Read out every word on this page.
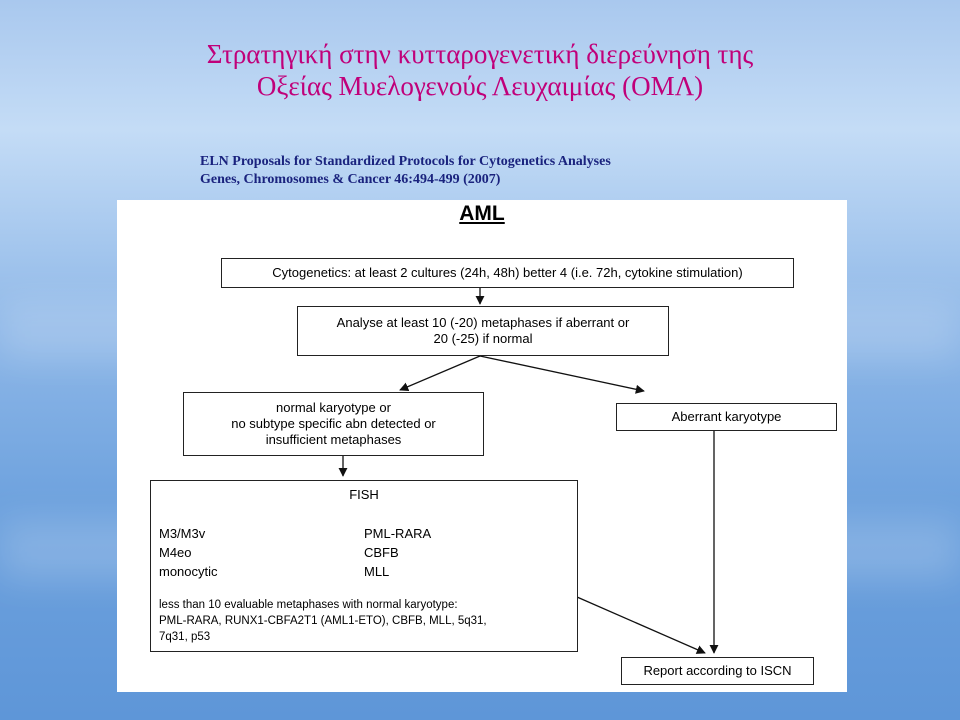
Στρατηγική στην κυτταρογενετική διερεύνηση της
Οξείας Μυελογενούς Λευχαιμίας (ΟΜΛ)
ELN Proposals for Standardized Protocols for Cytogenetics Analyses
Genes, Chromosomes & Cancer 46:494-499 (2007)
AML
Cytogenetics: at least 2 cultures (24h, 48h) better 4 (i.e. 72h, cytokine stimulation)
Analyse at least 10 (-20) metaphases if aberrant or
20 (-25) if normal
normal karyotype or
no subtype specific abn detected or
insufficient metaphases
Aberrant karyotype
FISH
M3/M3v	PML-RARA
M4eo	CBFB
monocytic	MLL
less than 10 evaluable metaphases with normal karyotype:
PML-RARA, RUNX1-CBFA2T1 (AML1-ETO), CBFB, MLL, 5q31,
7q31, p53
Report according to ISCN
